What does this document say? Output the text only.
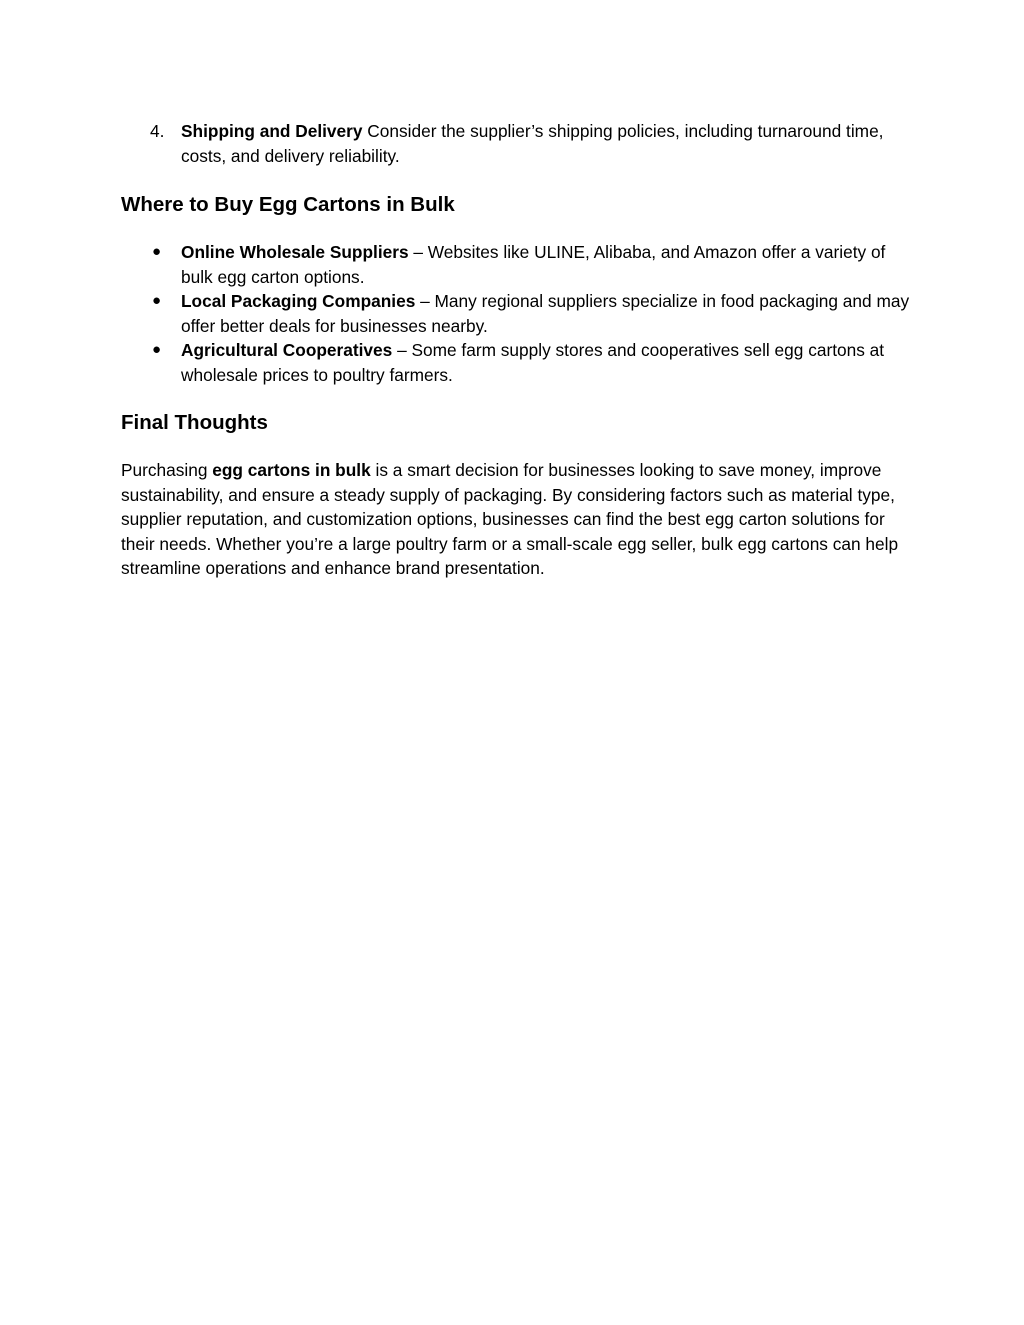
4. Shipping and Delivery Consider the supplier’s shipping policies, including turnaround time, costs, and delivery reliability.
Where to Buy Egg Cartons in Bulk
●	Online Wholesale Suppliers – Websites like ULINE, Alibaba, and Amazon offer a variety of bulk egg carton options.
●	Local Packaging Companies – Many regional suppliers specialize in food packaging and may offer better deals for businesses nearby.
●	Agricultural Cooperatives – Some farm supply stores and cooperatives sell egg cartons at wholesale prices to poultry farmers.
Final Thoughts

Purchasing egg cartons in bulk is a smart decision for businesses looking to save money, improve sustainability, and ensure a steady supply of packaging. By considering factors such as material type, supplier reputation, and customization options, businesses can find the best egg carton solutions for their needs. Whether you’re a large poultry farm or a small-scale egg seller, bulk egg cartons can help streamline operations and enhance brand presentation.
